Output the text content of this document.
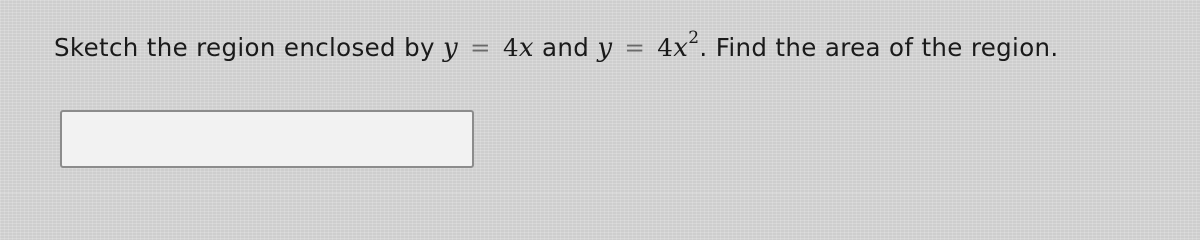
Sketch the region enclosed by y = 4x and $y = 4x^2$. Find the area of the region.
